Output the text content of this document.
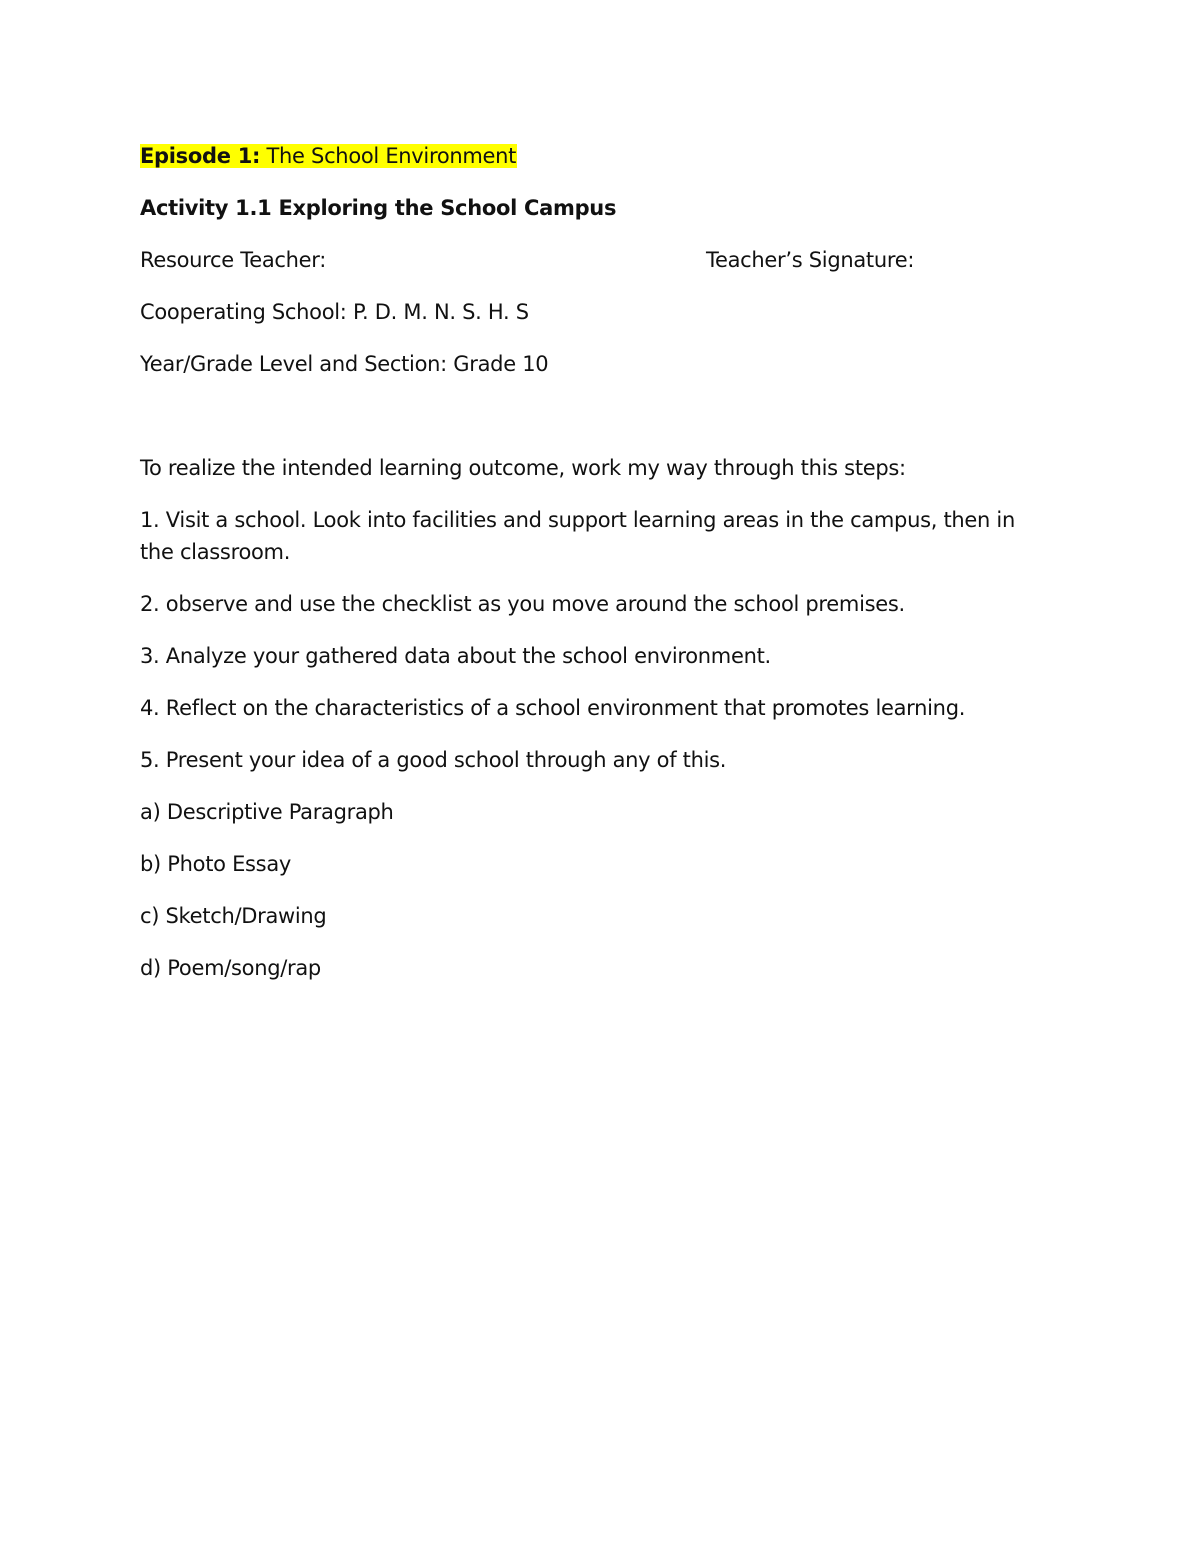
Episode 1: The School Environment
Activity 1.1 Exploring the School Campus
Resource Teacher:	Teacher’s Signature:
Cooperating School: P. D. M. N. S. H. S
Year/Grade Level and Section: Grade 10
To realize the intended learning outcome, work my way through this steps:
1. Visit a school. Look into facilities and support learning areas in the campus, then in the classroom.
2. observe and use the checklist as you move around the school premises.
3. Analyze your gathered data about the school environment.
4. Reflect on the characteristics of a school environment that promotes learning.
5. Present your idea of a good school through any of this.
a) Descriptive Paragraph
b) Photo Essay
c) Sketch/Drawing
d) Poem/song/rap
